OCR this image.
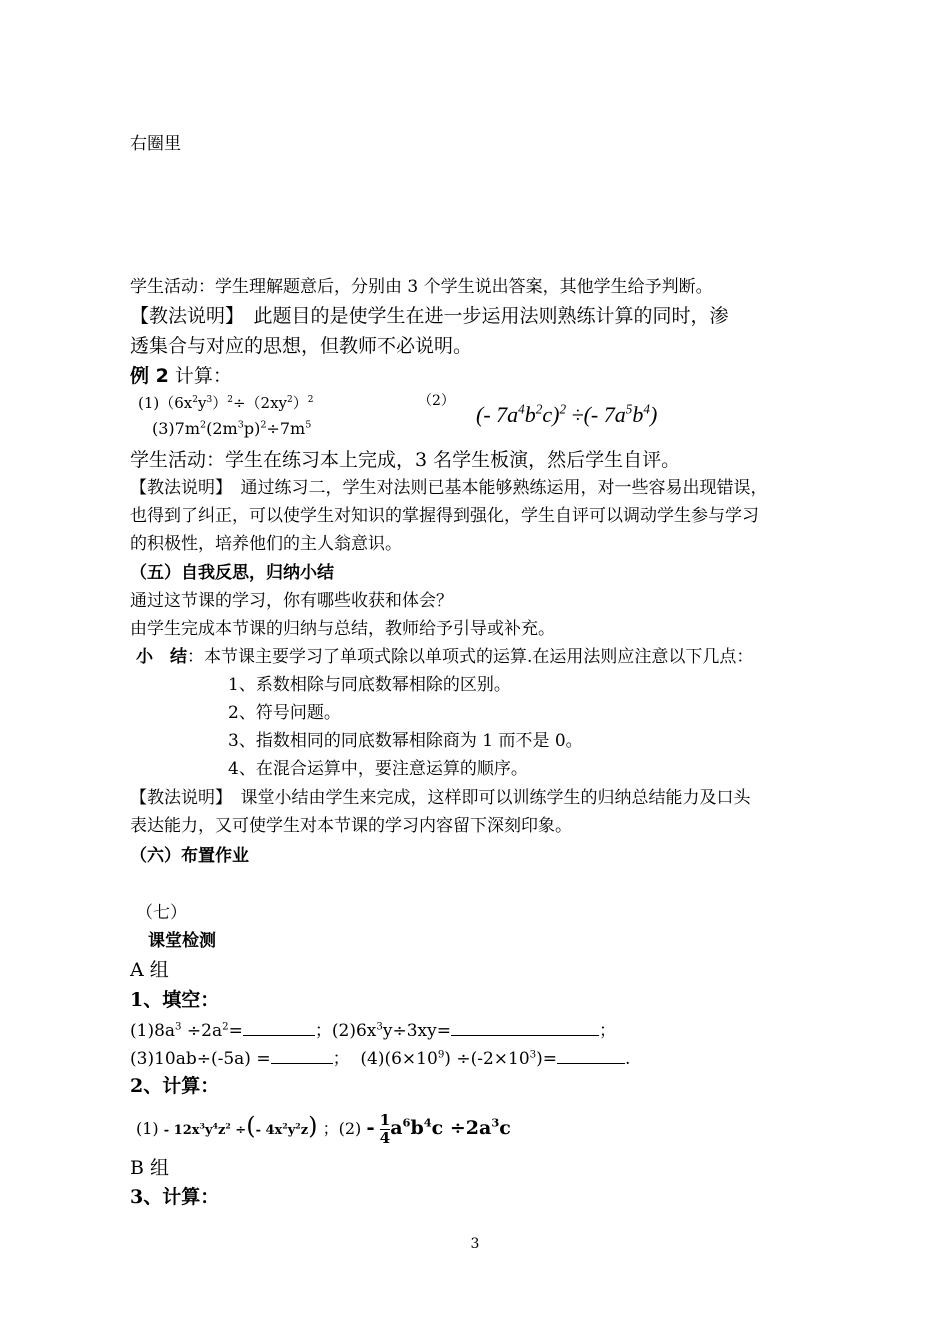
右圈里
学生活动：学生理解题意后，分别由 3 个学生说出答案，其他学生给予判断。
【教法说明】　此题目的是使学生在进一步运用法则熟练计算的同时，渗
透集合与对应的思想，但教师不必说明。
例 2 计算：
$(1)(6x^2y^3)^2\div(2xy^2)^2$	（2）
(- $7a^4b^2c)^2$ ÷(- $7a^5b^4$)
$(3)7m^2(2m^3p)^2\div 7m^5$
学生活动：学生在练习本上完成，3 名学生板演，然后学生自评。
【教法说明】　通过练习二，学生对法则已基本能够熟练运用，对一些容易出现错误，
也得到了纠正，可以使学生对知识的掌握得到强化，学生自评可以调动学生参与学习
的积极性，培养他们的主人翁意识。
（五）自我反思，归纳小结
通过这节课的学习，你有哪些收获和体会？
由学生完成本节课的归纳与总结，教师给予引导或补充。
小　结：本节课主要学习了单项式除以单项式的运算.在运用法则应注意以下几点：
1、系数相除与同底数幂相除的区别。
2、符号问题。
3、指数相同的同底数幂相除商为 1 而不是 0。
4、在混合运算中，要注意运算的顺序。
【教法说明】　课堂小结由学生来完成，这样即可以训练学生的归纳总结能力及口头
表达能力，又可使学生对本节课的学习内容留下深刻印象。
（六）布置作业
（七）
课堂检测
A 组
1、填空：
$(1)8a^3 \div 2a^2=$	；$(2)6x^3y\div 3xy=$	；
(3)10ab÷(-5a) =	；  $(4)(6\times 10^9) \div(-2\times 10^3)=$	.
2、计算：
$(1) - 12x^3y^4z^2$ ÷(- $4x^2y^2z$) ；$(2) - \frac{1}{4} a^6b^4c \div 2a^3c$
B 组
3、计算：
3
